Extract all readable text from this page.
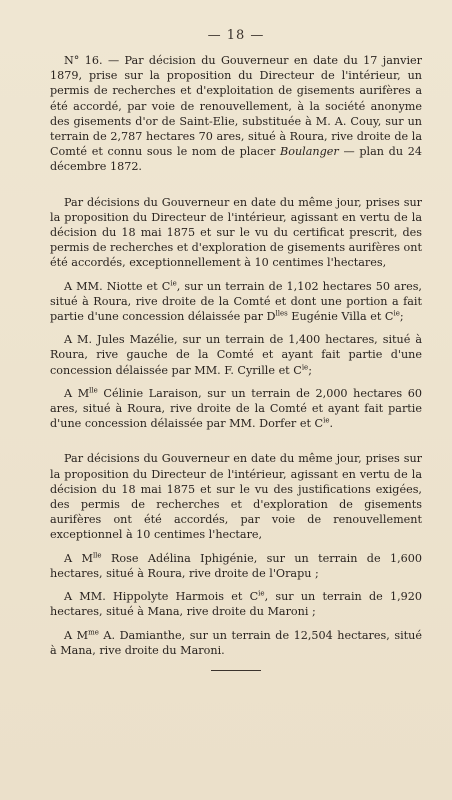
— 18 —

N° 16. — Par décision du Gouverneur en date du 17 janvier 1879, prise sur la proposition du Directeur de l'intérieur, un permis de recherches et d'exploitation de gisements aurifères a été accordé, par voie de renouvellement, à la société anonyme des gisements d'or de Saint-Elie, substituée à M. A. Couy, sur un terrain de 2,787 hectares 70 ares, situé à Roura, rive droite de la Comté et connu sous le nom de placer Boulanger — plan du 24 décembre 1872.

Par décisions du Gouverneur en date du même jour, prises sur la proposition du Directeur de l'intérieur, agissant en vertu de la décision du 18 mai 1875 et sur le vu du certificat prescrit, des permis de recherches et d'exploration de gisements aurifères ont été accordés, exceptionnellement à 10 centimes l'hectares,

A MM. Niotte et $C^{ie}$, sur un terrain de 1,102 hectares 50 ares, situé à Roura, rive droite de la Comté et dont une portion a fait partie d'une concession délaissée par $D^{lles}$ Eugénie Villa et $C^{ie}$;

A M. Jules Mazélie, sur un terrain de 1,400 hectares, situé à Roura, rive gauche de la Comté et ayant fait partie d'une concession délaissée par MM. F. Cyrille et $C^{ie}$;

A $M^{lle}$ Célinie Laraison, sur un terrain de 2,000 hectares 60 ares, situé à Roura, rive droite de la Comté et ayant fait partie d'une concession délaissée par MM. Dorfer et $C^{ie}$.

Par décisions du Gouverneur en date du même jour, prises sur la proposition du Directeur de l'intérieur, agissant en vertu de la décision du 18 mai 1875 et sur le vu des justifications exigées, des permis de recherches et d'exploration de gisements aurifères ont été accordés, par voie de renouvellement exceptionnel à 10 centimes l'hectare,

A $M^{lle}$ Rose Adélina Iphigénie, sur un terrain de 1,600 hectares, situé à Roura, rive droite de l'Orapu ;

A MM. Hippolyte Harmois et $C^{ie}$, sur un terrain de 1,920 hectares, situé à Mana, rive droite du Maroni ;

A $M^{me}$ A. Damianthe, sur un terrain de 12,504 hectares, situé à Mana, rive droite du Maroni.
